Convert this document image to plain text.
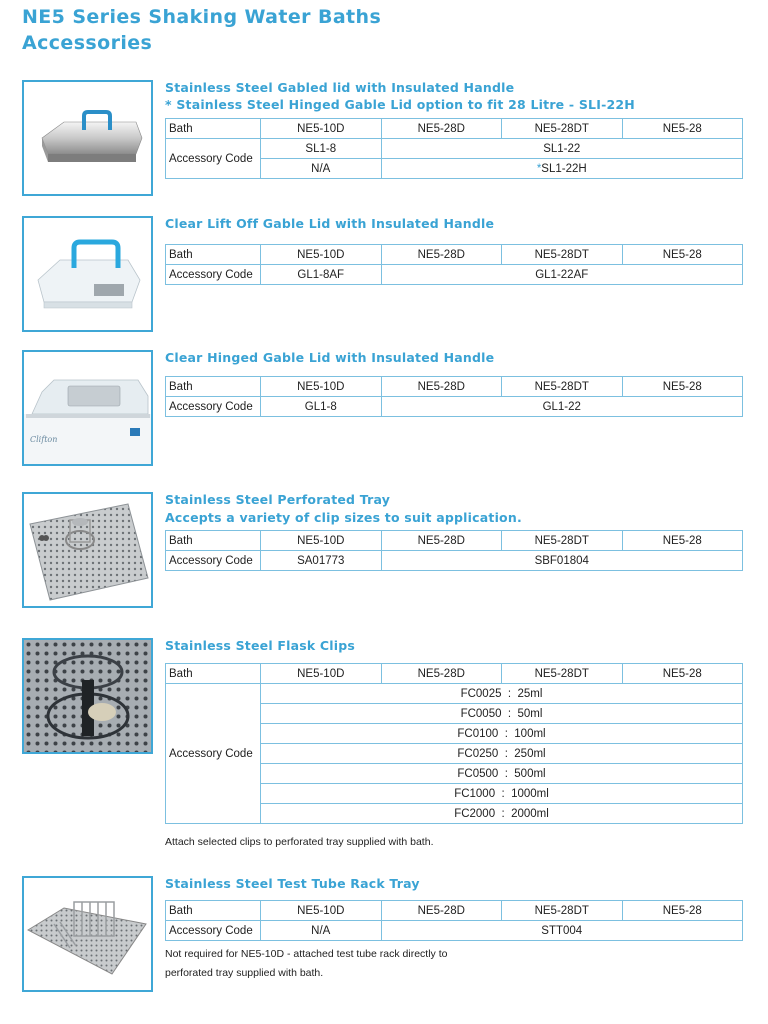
NE5 Series Shaking Water Baths
Accessories
Stainless Steel Gabled lid with Insulated Handle
* Stainless Steel Hinged Gable Lid option to fit 28 Litre - SLI-22H
Bath	NE5-10D	NE5-28D	NE5-28DT	NE5-28
Accessory Code	SL1-8	SL1-22		
	N/A	*SL1-22H		
Clear Lift Off Gable Lid with Insulated Handle
Bath	NE5-10D	NE5-28D	NE5-28DT	NE5-28
Accessory Code	GL1-8AF	GL1-22AF		
Clifton
Clear Hinged Gable Lid with Insulated Handle
Bath	NE5-10D	NE5-28D	NE5-28DT	NE5-28
Accessory Code	GL1-8	GL1-22		
Stainless Steel Perforated Tray
Accepts a variety of clip sizes to suit application.
Bath	NE5-10D	NE5-28D	NE5-28DT	NE5-28
Accessory Code	SA01773	SBF01804		
Stainless Steel Flask Clips
Bath	NE5-10D	NE5-28D	NE5-28DT	NE5-28
Accessory Code	FC0025 : 25ml			
	FC0050 : 50ml			
	FC0100 : 100ml			
	FC0250 : 250ml			
	FC0500 : 500ml			
	FC1000 : 1000ml			
	FC2000 : 2000ml			
Attach selected clips to perforated tray supplied with bath.
Stainless Steel Test Tube Rack Tray
Bath	NE5-10D	NE5-28D	NE5-28DT	NE5-28
Accessory Code	N/A	STT004		
Not required for NE5-10D - attached test tube rack directly to
perforated tray supplied with bath.
